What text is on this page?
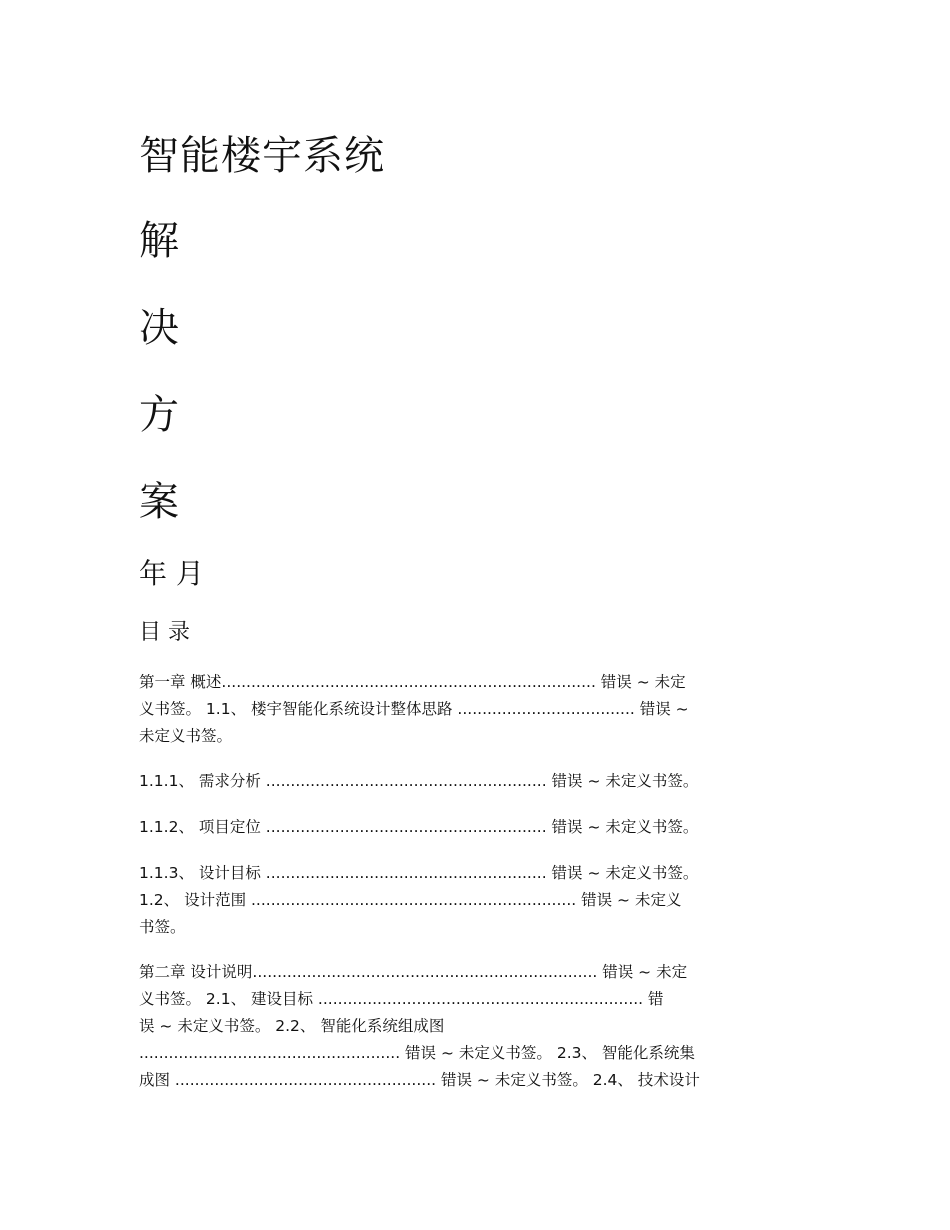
智能楼宇系统
解
决
方
案
年 月
目 录
第一章 概述............................................................................ 错误 ~ 未定
义书签。 1.1、 楼宇智能化系统设计整体思路 .................................... 错误 ~
未定义书签。
1.1.1、 需求分析 ......................................................... 错误 ~ 未定义书签。
1.1.2、 项目定位 ......................................................... 错误 ~ 未定义书签。
1.1.3、 设计目标 ......................................................... 错误 ~ 未定义书签。
1.2、 设计范围 .................................................................. 错误 ~ 未定义
书签。
第二章 设计说明...................................................................... 错误 ~ 未定
义书签。 2.1、 建设目标 .................................................................. 错
误 ~ 未定义书签。 2.2、 智能化系统组成图
..................................................... 错误 ~ 未定义书签。 2.3、 智能化系统集
成图 ..................................................... 错误 ~ 未定义书签。 2.4、 技术设计
